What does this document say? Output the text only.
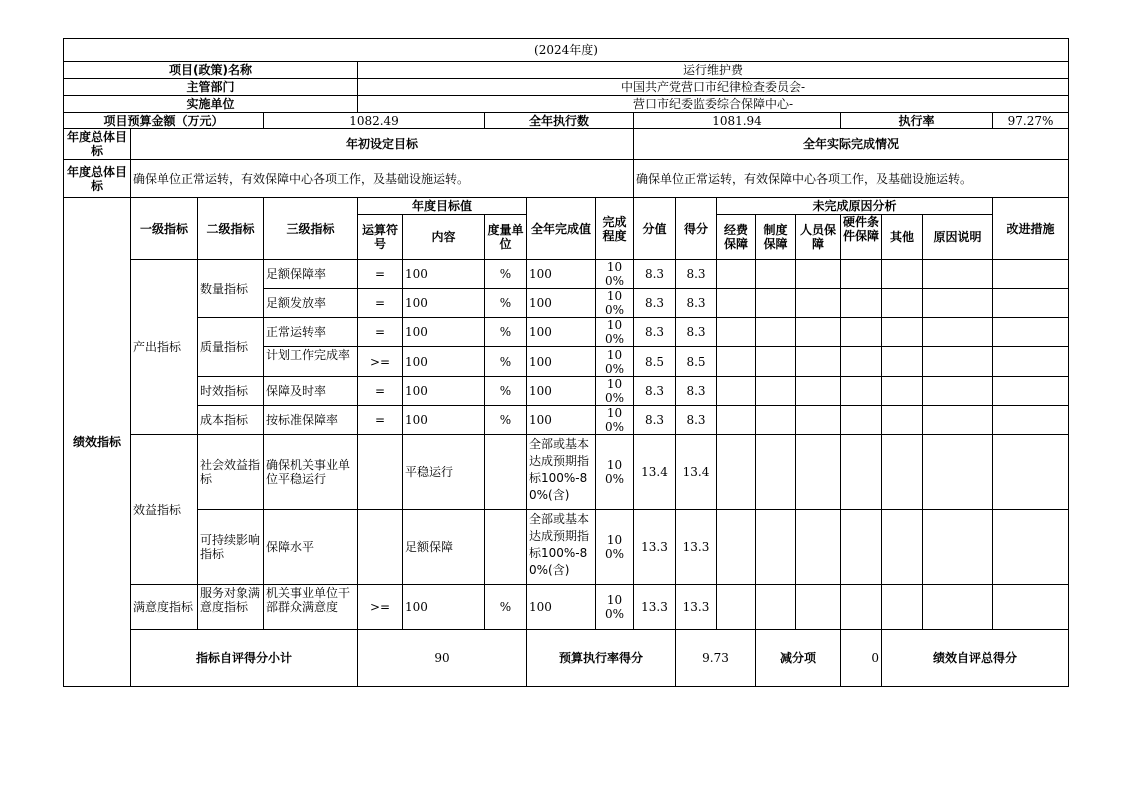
(2024年度)																		
项目(政策)名称				运行维护费														
主管部门				中国共产党营口市纪律检查委员会-														
实施单位				营口市纪委监委综合保障中心-														
项目预算金额（万元）			1082.49			全年执行数			1081.94					执行率			97.27%	
年度总体目标	年初设定目标								全年实际完成情况									
年度总体目标	确保单位正常运转，有效保障中心各项工作，及基础设施运转。								确保单位正常运转，有效保障中心各项工作，及基础设施运转。									
绩效指标	一级指标	二级指标	三级指标	年度目标值			全年完成值	完成程度	分值	得分	未完成原因分析						改进措施	
				运算符号	内容	度量单位					经费保障	制度保障	人员保障	硬件条件保障	其他	原因说明		
	产出指标	数量指标	足额保障率	=	100	%	100	100%	8.3	8.3								
			足额发放率	=	100	%	100	100%	8.3	8.3								
		质量指标	正常运转率	=	100	%	100	100%	8.3	8.3								

			计划工作完成率	>=	100	%	100	100%	8.5	8.5								
		时效指标	保障及时率	=	100	%	100	100%	8.3	8.3								
		成本指标	按标准保障率	=	100	%	100	100%	8.3	8.3								
	效益指标	社会效益指标	确保机关事业单位平稳运行		平稳运行		全部或基本达成预期指标100%-80%(含)	100%	13.4	13.4								
		可持续影响指标	保障水平		足额保障		全部或基本达成预期指标100%-80%(含)	100%	13.3	13.3								
	满意度指标	服务对象满意度指标	机关事业单位干部群众满意度	>=	100	%	100	100%	13.3	13.3								
	指标自评得分小计			90			预算执行率得分			9.73		减分项		0	绩效自评总得分	
